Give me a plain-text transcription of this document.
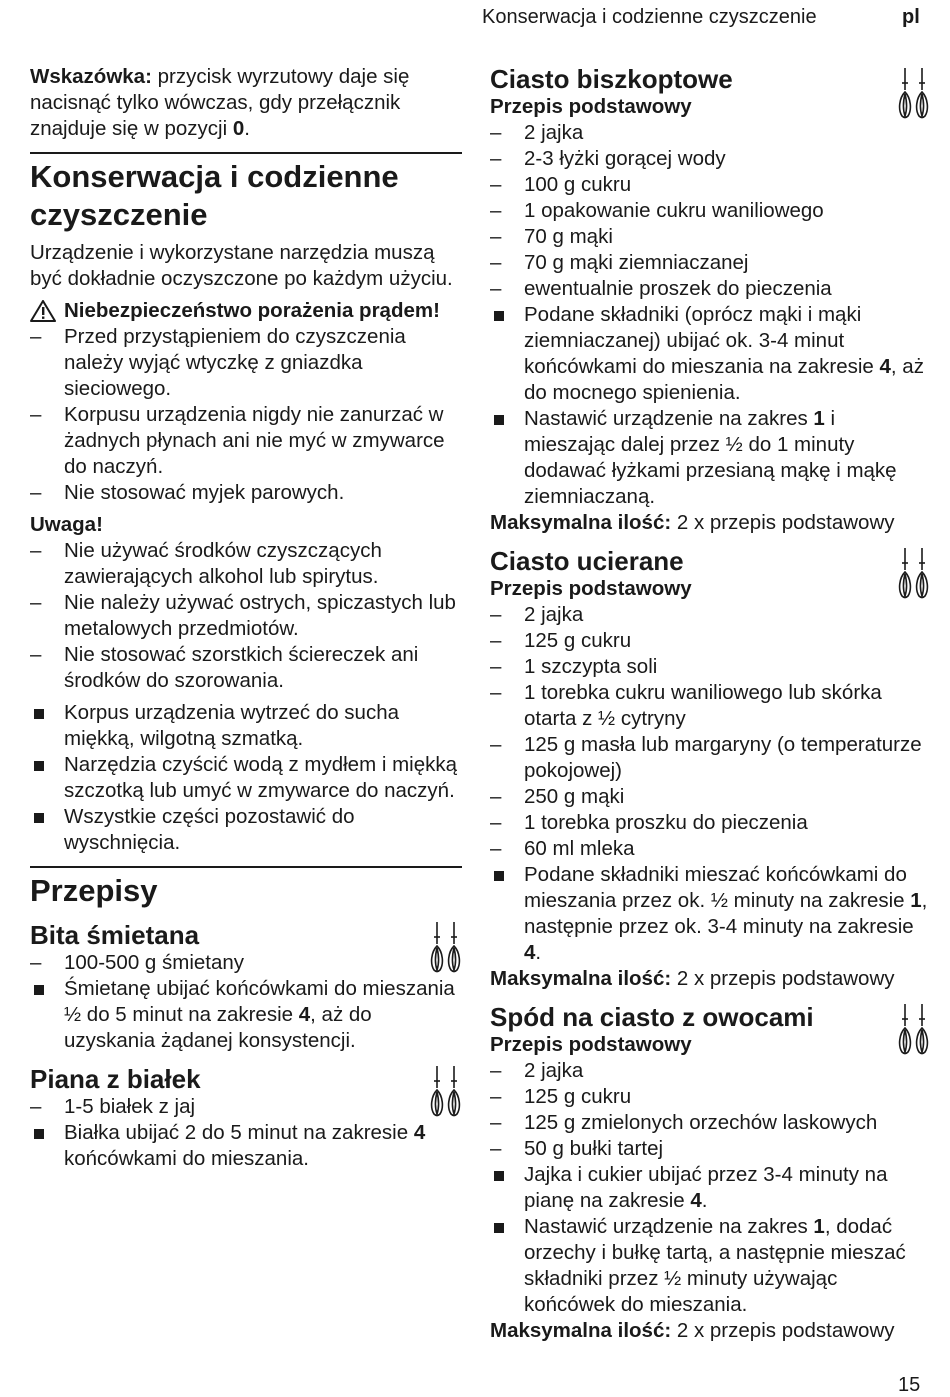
Konserwacja i codzienne czyszczenie	pl

Wskazówka: przycisk wyrzutowy daje się nacisnąć tylko wówczas, gdy przełącznik znajduje się w pozycji 0.

Konserwacja i codzienne czyszczenie

Urządzenie i wykorzystane narzędzia muszą być dokładnie oczyszczone po każdym użyciu.

Niebezpieczeństwo porażenia prądem!
– Przed przystąpieniem do czyszczenia należy wyjąć wtyczkę z gniazdka sieciowego.
– Korpusu urządzenia nigdy nie zanurzać w żadnych płynach ani nie myć w zmywarce do naczyń.
– Nie stosować myjek parowych.

Uwaga!

– Nie używać środków czyszczących zawierających alkohol lub spirytus.
– Nie należy używać ostrych, spiczastych lub metalowych przedmiotów.
– Nie stosować szorstkich ściereczek ani środków do szorowania.
Korpus urządzenia wytrzeć do sucha miękką, wilgotną szmatką.
Narzędzia czyścić wodą z mydłem i miękką szczotką lub umyć w zmywarce do naczyń.
Wszystkie części pozostawić do wyschnięcia.
Przepisy
Bita śmietana
– 100-500 g śmietany
Śmietanę ubijać końcówkami do mieszania ½ do 5 minut na zakresie 4, aż do uzyskania żądanej konsystencji.
Piana z białek
– 1-5 białek z jaj
Białka ubijać 2 do 5 minut na zakresie 4 końcówkami do mieszania.
Ciasto biszkoptowe

Przepis podstawowy

– 2 jajka
– 2-3 łyżki gorącej wody
– 100 g cukru
– 1 opakowanie cukru waniliowego
– 70 g mąki
– 70 g mąki ziemniaczanej
– ewentualnie proszek do pieczenia
Podane składniki (oprócz mąki i mąki ziemniaczanej) ubijać ok. 3-4 minut końcówkami do mieszania na zakresie 4, aż do mocnego spienienia.
Nastawić urządzenie na zakres 1 i mieszając dalej przez ½ do 1 minuty dodawać łyżkami przesianą mąkę i mąkę ziemniaczaną.

Maksymalna ilość: 2 x przepis podstawowy

Ciasto ucierane

Przepis podstawowy

– 2 jajka
– 125 g cukru
– 1 szczypta soli
– 1 torebka cukru waniliowego lub skórka otarta z ½ cytryny
– 125 g masła lub margaryny (o temperaturze pokojowej)
– 250 g mąki
– 1 torebka proszku do pieczenia
– 60 ml mleka
Podane składniki mieszać końcówkami do mieszania przez ok. ½ minuty na zakresie 1, następnie przez ok. 3-4 minuty na zakresie 4.

Maksymalna ilość: 2 x przepis podstawowy

Spód na ciasto z owocami

Przepis podstawowy

– 2 jajka
– 125 g cukru
– 125 g zmielonych orzechów laskowych
– 50 g bułki tartej
Jajka i cukier ubijać przez 3-4 minuty na pianę na zakresie 4.
Nastawić urządzenie na zakres 1, dodać orzechy i bułkę tartą, a następnie mieszać składniki przez ½ minuty używając końcówek do mieszania.

Maksymalna ilość: 2 x przepis podstawowy

15
